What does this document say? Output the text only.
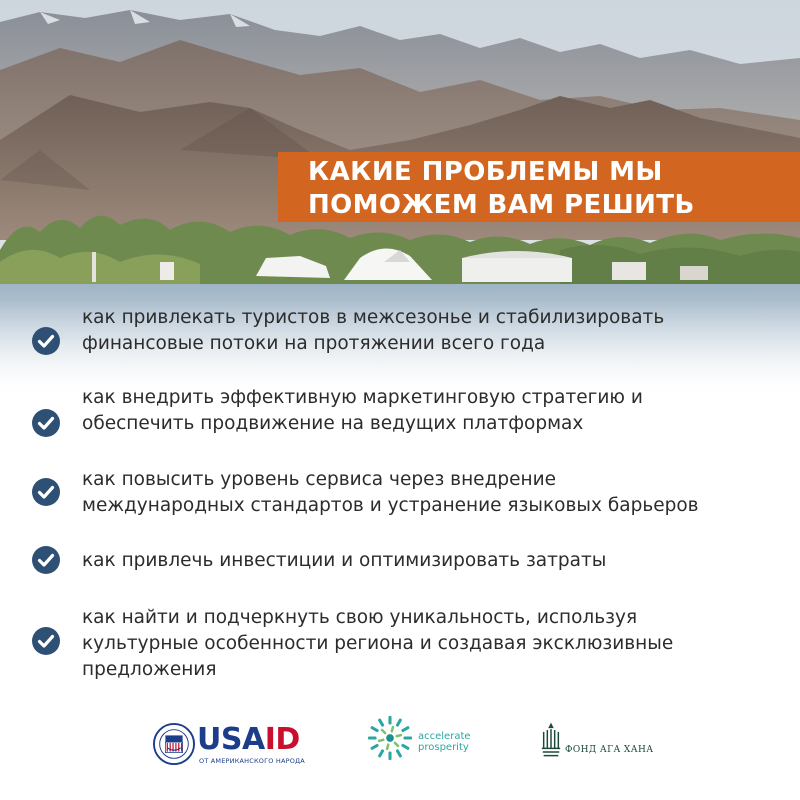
КАКИЕ ПРОБЛЕМЫ МЫ
ПОМОЖЕМ ВАМ РЕШИТЬ

как привлекать туристов в межсезонье и стабилизировать
финансовые потоки на протяжении всего года

как внедрить эффективную маркетинговую стратегию и
обеспечить продвижение на ведущих платформах

как повысить уровень сервиса через внедрение
международных стандартов и устранение языковых барьеров

как привлечь инвестиции и оптимизировать затраты

как найти и подчеркнуть свою уникальность, используя
культурные особенности региона и создавая эксклюзивные
предложения

USAID
ОТ АМЕРИКАНСКОГО НАРОДА
accelerate
prosperity	ФОНД АГА ХАНА
